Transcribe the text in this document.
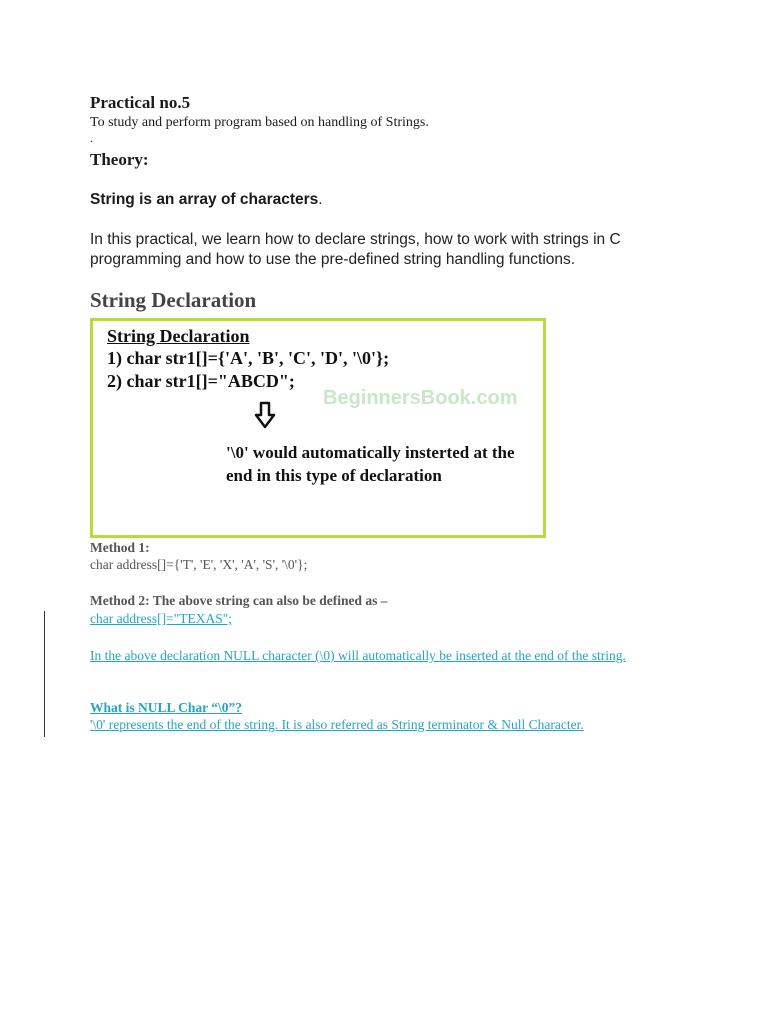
Practical no.5
To study and perform program based on handling of Strings.
.
Theory:
String is an array of characters.
In this practical, we learn how to declare strings, how to work with strings in C programming and how to use the pre-defined string handling functions.
String Declaration
String Declaration
1) char str1[]={'A', 'B', 'C', 'D', '\0'};
2) char str1[]="ABCD";
BeginnersBook.com
'\0' would automatically insterted at the end in this type of declaration
Method 1:
char address[]={'T', 'E', 'X', 'A', 'S', '\0'};
Method 2: The above string can also be defined as –
char address[]="TEXAS";
In the above declaration NULL character (\0) will automatically be inserted at the end of the string.
What is NULL Char “\0”?
'\0' represents the end of the string. It is also referred as String terminator & Null Character.
